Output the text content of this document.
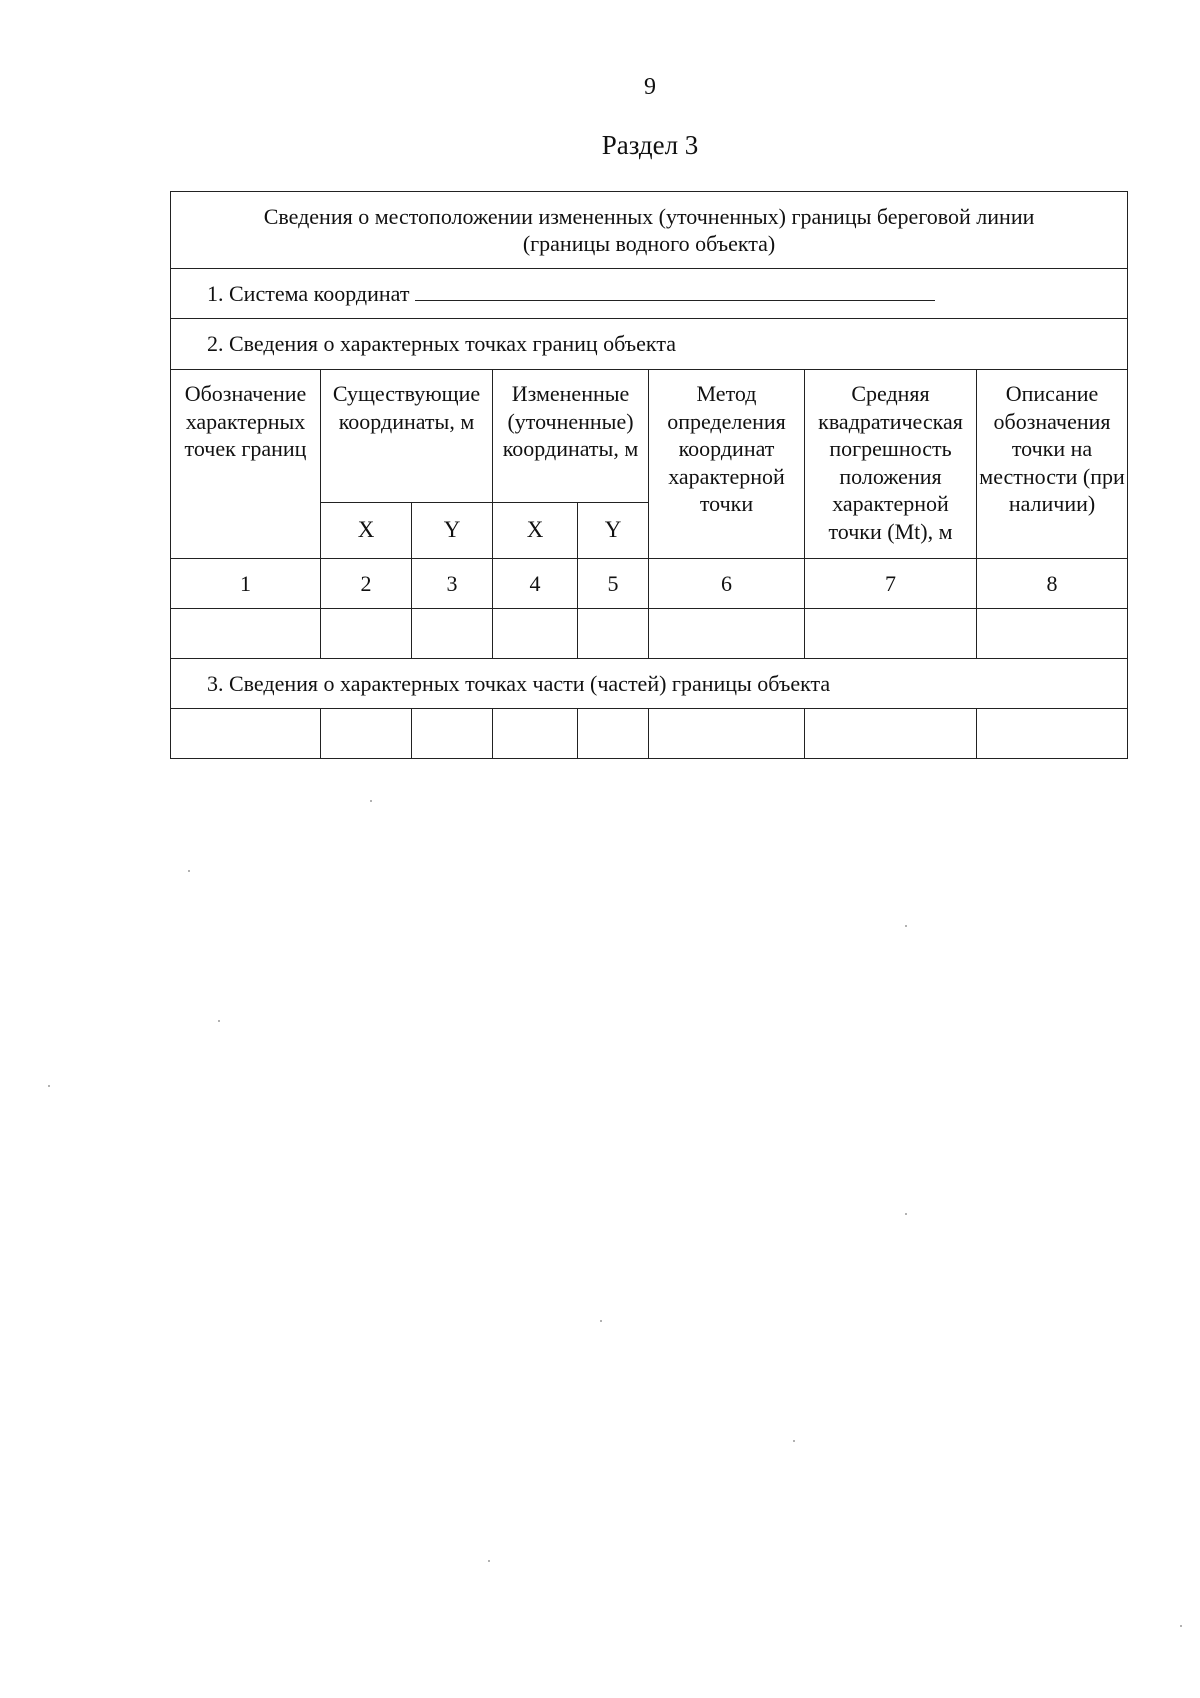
9
Раздел 3
Сведения о местоположении измененных (уточненных) границы береговой линии
(границы водного объекта)							

1. Система координат							
2. Сведения о характерных точках границ объекта							
Обозначение характерных точек границ	Существующие координаты, м		Измененные (уточненные) координаты, м		Метод определения координат характерной точки	Средняя квадратическая погрешность положения характерной точки (Mt), м	Описание обозначения точки на местности (при наличии)
	X	Y	X	Y			
1	2	3	4	5	6	7	8

3. Сведения о характерных точках части (частей) границы объекта							
